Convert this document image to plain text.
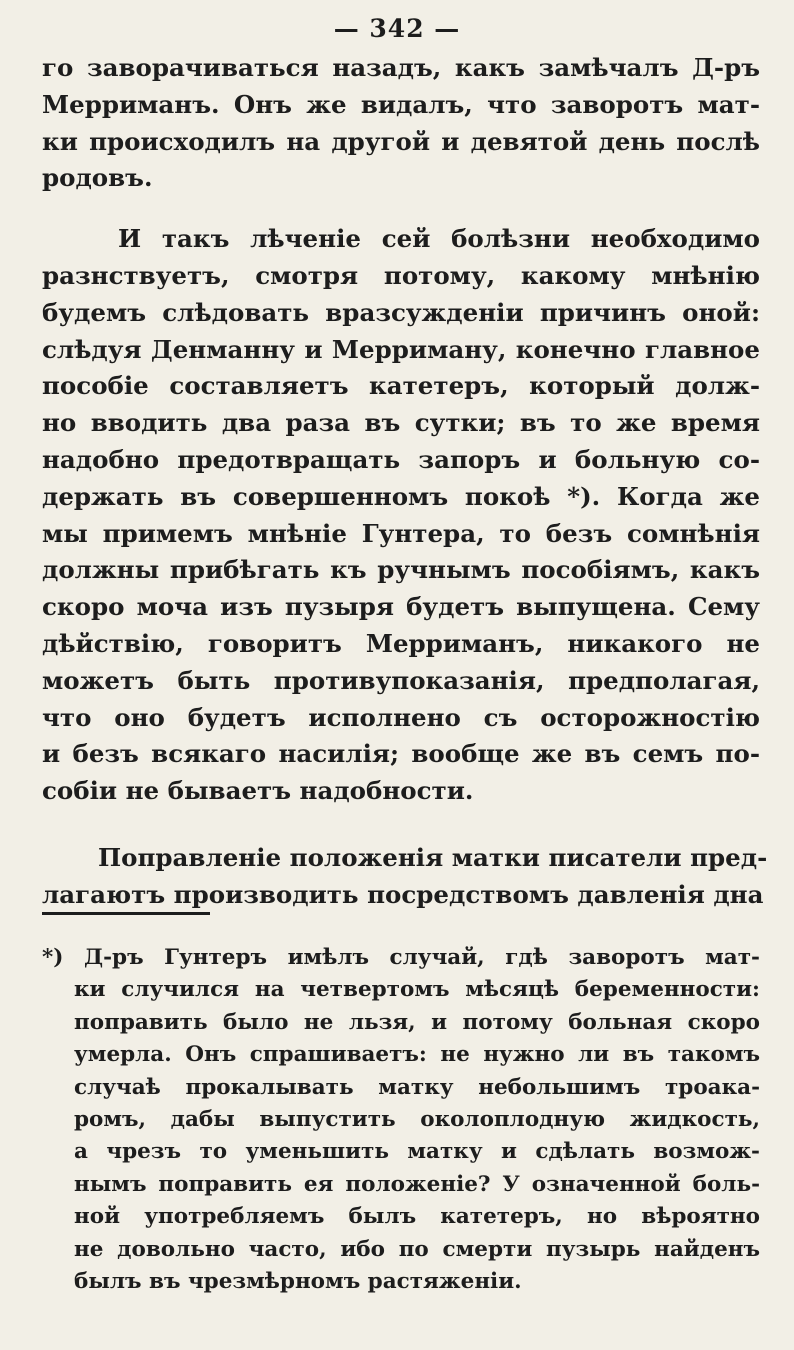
— 342 —
го заворачиваться назадъ, какъ замѣчалъ Д-ръ
Мерриманъ. Онъ же видалъ, что заворотъ мат-
ки происходилъ на другой и девятой день послѣ
родовъ.
И такъ лѣченіе сей болѣзни необходимо
разнствуетъ, смотря потому, какому мнѣнію
будемъ слѣдовать вразсужденіи причинъ оной:
слѣдуя Денманну и Мерриману, конечно главное
пособіе составляетъ катетеръ, который долж-
но вводить два раза въ сутки; въ то же время
надобно предотвращать запоръ и больную со-
держать въ совершенномъ покоѣ *). Когда же
мы примемъ мнѣніе Гунтера, то безъ сомнѣнія
должны прибѣгать къ ручнымъ пособіямъ, какъ
скоро моча изъ пузыря будетъ выпущена. Сему
дѣйствію, говоритъ Мерриманъ, никакого не
можетъ быть противупоказанія, предполагая,
что оно будетъ исполнено съ осторожностію
и безъ всякаго насилія; вообще же въ семъ по-
собіи не бываетъ надобности.
Поправленіе положенія матки писатели пред-
лагаютъ производить посредствомъ давленія дна
*) Д-ръ Гунтеръ имѣлъ случай, гдѣ заворотъ мат-
ки случился на четвертомъ мѣсяцѣ беременности:
поправить было не льзя, и потому больная скоро
умерла. Онъ спрашиваетъ: не нужно ли въ такомъ
случаѣ прокалывать матку небольшимъ троака-
ромъ, дабы выпустить околоплодную жидкость,
а чрезъ то уменьшить матку и сдѣлать возмож-
нымъ поправить ея положеніе? У означенной боль-
ной употребляемъ былъ катетеръ, но вѣроятно
не довольно часто, ибо по смерти пузырь найденъ
былъ въ чрезмѣрномъ растяженіи.
